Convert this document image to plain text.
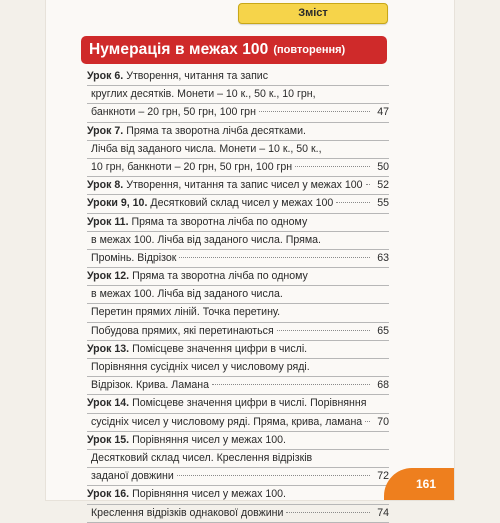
Зміст
Нумерація в межах 100 (повторення)
Урок 6. Утворення, читання та запис
круглих десятків. Монети – 10 к., 50 к., 10 грн,
банкноти – 20 грн, 50 грн, 100 грн	47
Урок 7. Пряма та зворотна лічба десятками.
Лічба від заданого числа. Монети – 10 к., 50 к.,
10 грн, банкноти – 20 грн, 50 грн, 100 грн	50
Урок 8. Утворення, читання та запис чисел у межах 100	52
Уроки 9, 10. Десятковий склад чисел у межах 100	55
Урок 11. Пряма та зворотна лічба по одному
в межах 100. Лічба від заданого числа. Пряма.
Промінь. Відрізок	63
Урок 12. Пряма та зворотна лічба по одному
в межах 100. Лічба від заданого числа.
Перетин прямих ліній. Точка перетину.
Побудова прямих, які перетинаються	65
Урок 13. Помісцеве значення цифри в числі.
Порівняння сусідніх чисел у числовому ряді.
Відрізок. Крива. Ламана	68
Урок 14. Помісцеве значення цифри в числі. Порівняння
сусідніх чисел у числовому ряді. Пряма, крива, ламана	70
Урок 15. Порівняння чисел у межах 100.
Десятковий склад чисел. Креслення відрізків
заданої довжини	72
Урок 16. Порівняння чисел у межах 100.
Креслення відрізків однакової довжини	74
161
